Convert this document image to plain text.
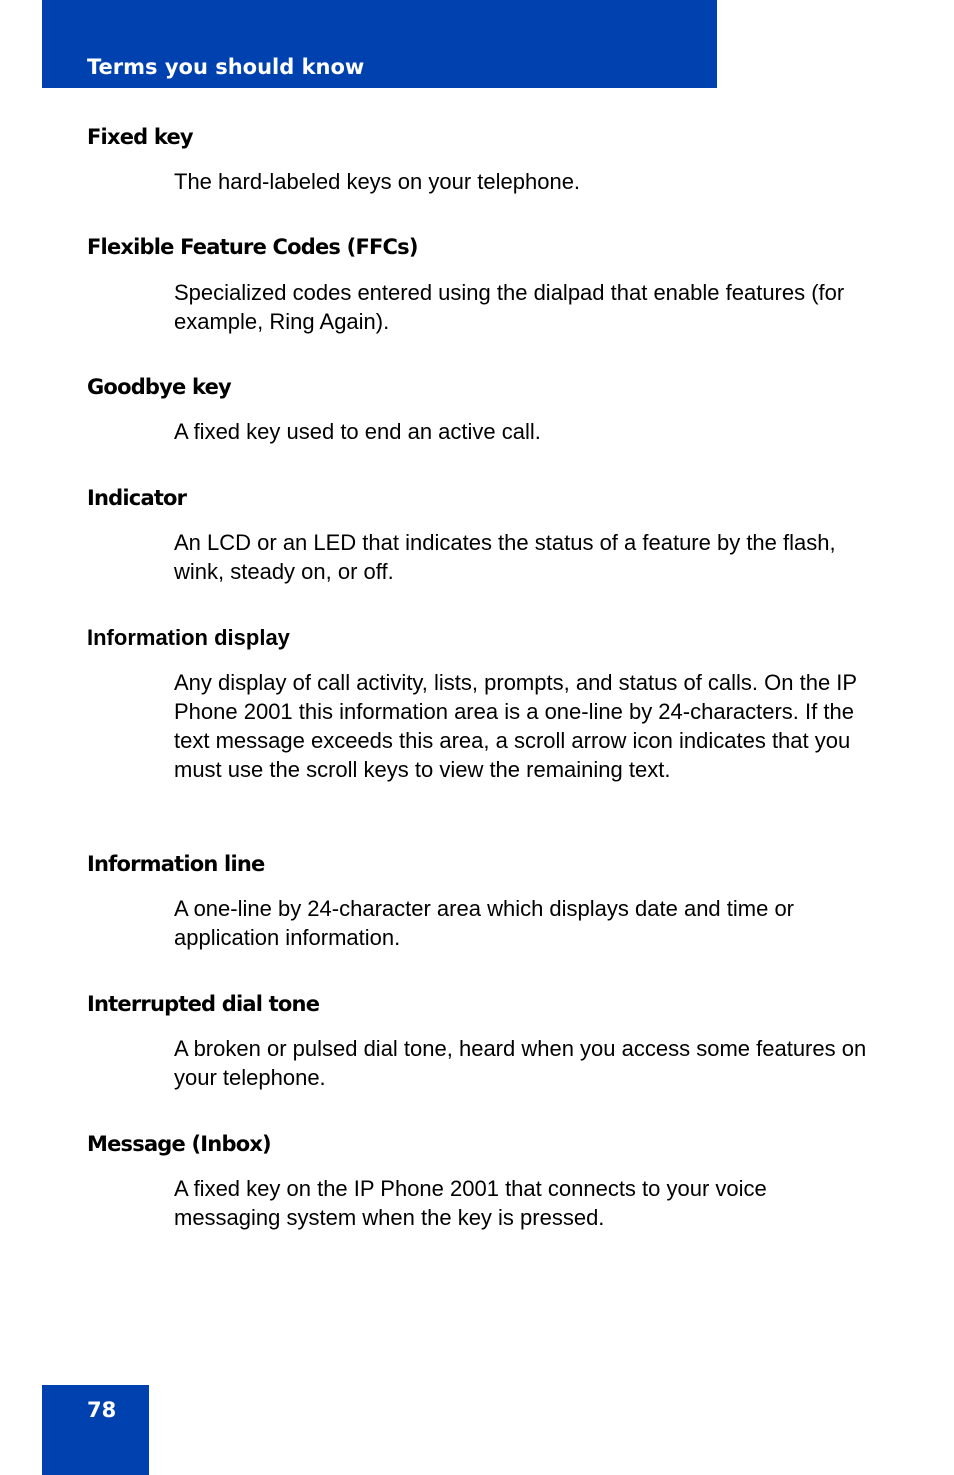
Terms you should know
Fixed key
The hard-labeled keys on your telephone.
Flexible Feature Codes (FFCs)
Specialized codes entered using the dialpad that enable features (for example, Ring Again).
Goodbye key
A fixed key used to end an active call.
Indicator
An LCD or an LED that indicates the status of a feature by the flash, wink, steady on, or off.
Information display
Any display of call activity, lists, prompts, and status of calls. On the IP Phone 2001 this information area is a one-line by 24-characters. If the text message exceeds this area, a scroll arrow icon indicates that you must use the scroll keys to view the remaining text.
Information line
A one-line by 24-character area which displays date and time or application information.
Interrupted dial tone
A broken or pulsed dial tone, heard when you access some features on your telephone.
Message (Inbox)
A fixed key on the IP Phone 2001 that connects to your voice messaging system when the key is pressed.
78
